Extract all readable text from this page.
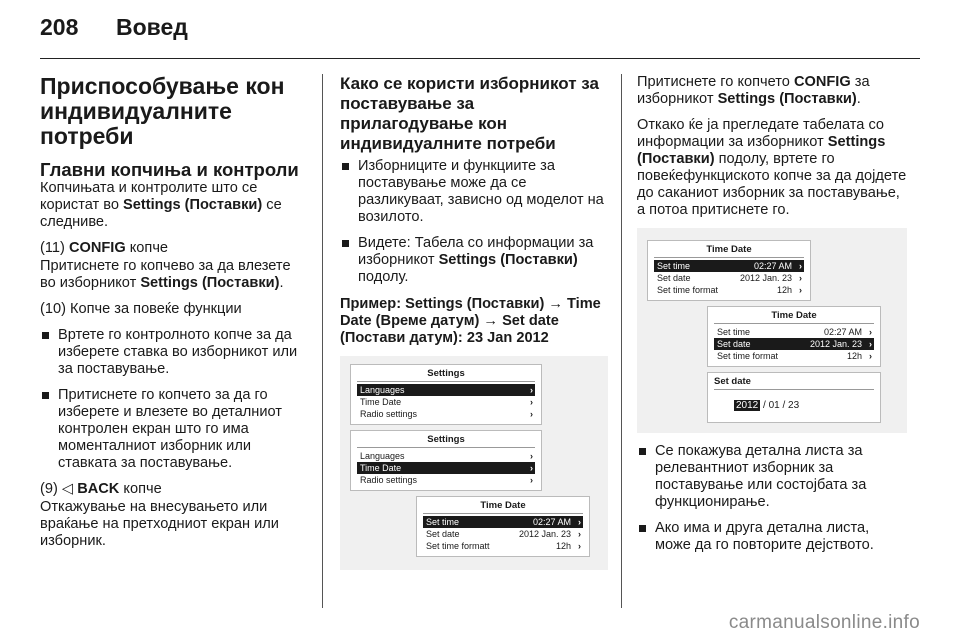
208 Вовед
Приспособување кон индивидуалните потреби
Главни копчиња и контроли

Копчињата и контролите што се користат во Settings (Поставки) се следниве.

(11) CONFIG копче

Притиснете го копчево за да влезете во изборникот Settings (Поставки).

(10) Копче за повеќе функции

Вртете го контролното копче за да изберете ставка во изборникот или за поставување.
Притиснете го копчето за да го изберете и влезете во деталниот контролен екран што го има моменталниот изборник или ставката за поставување.

(9) ◁ BACK копче

Откажување на внесувањето или враќање на претходниот екран или изборник.

Како се користи изборникот за поставување за прилагодување кон индивидуалните потреби
Изборниците и функциите за поставување може да се разликуваат, зависно од моделот на возилото.
Видете: Табела со информации за изборникот Settings (Поставки) подолу.

Пример: Settings (Поставки) → Time Date (Време датум) → Set date (Постави датум): 23 Jan 2012

Settings
Languages	›
Time Date	›
Radio settings	›
Settings
Languages	›
Time Date	›
Radio settings	›
Time Date
Set time	02:27 AM ›
Set date	2012 Jan. 23 ›
Set time formatt	12h ›

Притиснете го копчето CONFIG за изборникот Settings (Поставки).

Откако ќе ја прегледате табелата со информации за изборникот Settings (Поставки) подолу, вртете го повеќефункциското копче за да дојдете до саканиот изборник за поставување, а потоа притиснете го.

Time Date
Set time	02:27 AM ›
Set date	2012 Jan. 23 ›
Set time format	12h ›
Time Date
Set time	02:27 AM ›
Set date	2012 Jan. 23 ›
Set time format	12h ›
Set date
2012 / 01 / 23
Се покажува детална листа за релевантниот изборник за поставување или состојбата за функционирање.
Ако има и друга детална листа, може да го повторите дејството.
carmanualsonline.info
